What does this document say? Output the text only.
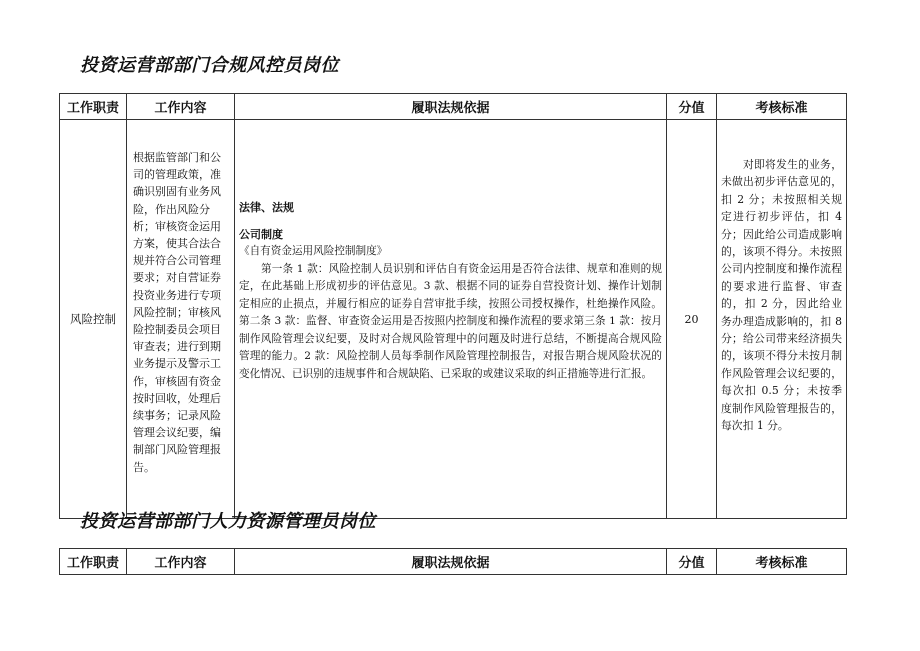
投资运营部部门合规风控员岗位
工作职责	工作内容	履职法规依据	分值	考核标准
风险控制	根据监管部门和公司的管理政策，准确识别固有业务风险，作出风险分析；审核资金运用方案，使其合法合规并符合公司管理要求；对自营证券投资业务进行专项风险控制；审核风险控制委员会项目审查表；进行到期业务提示及警示工作，审核固有资金按时回收，处理后续事务；记录风险管理会议纪要，编制部门风险管理报告。	法律、法规
公司制度
《自有资金运用风险控制制度》
第一条 1 款：风险控制人员识别和评估自有资金运用是否符合法律、规章和准则的规定，在此基础上形成初步的评估意见。3 款、根据不同的证券自营投资计划、操作计划制定相应的止损点，并履行相应的证券自营审批手续，按照公司授权操作，杜绝操作风险。第二条 3 款：监督、审查资金运用是否按照内控制度和操作流程的要求第三条 1 款：按月制作风险管理会议纪要，及时对合规风险管理中的问题及时进行总结，不断提高合规风险管理的能力。2 款：风险控制人员每季制作风险管理控制报告，对报告期合规风险状况的变化情况、已识别的违规事件和合规缺陷、已采取的或建议采取的纠正措施等进行汇报。	20	对即将发生的业务，未做出初步评估意见的，扣 2 分；未按照相关规定进行初步评估，扣 4 分；因此给公司造成影响的，该项不得分。未按照公司内控制度和操作流程的要求进行监督、审查的，扣 2 分，因此给业务办理造成影响的，扣 8 分；给公司带来经济损失的，该项不得分未按月制作风险管理会议纪要的，每次扣 0.5 分；未按季度制作风险管理报告的，每次扣 1 分。
投资运营部部门人力资源管理员岗位
工作职责	工作内容	履职法规依据	分值	考核标准
